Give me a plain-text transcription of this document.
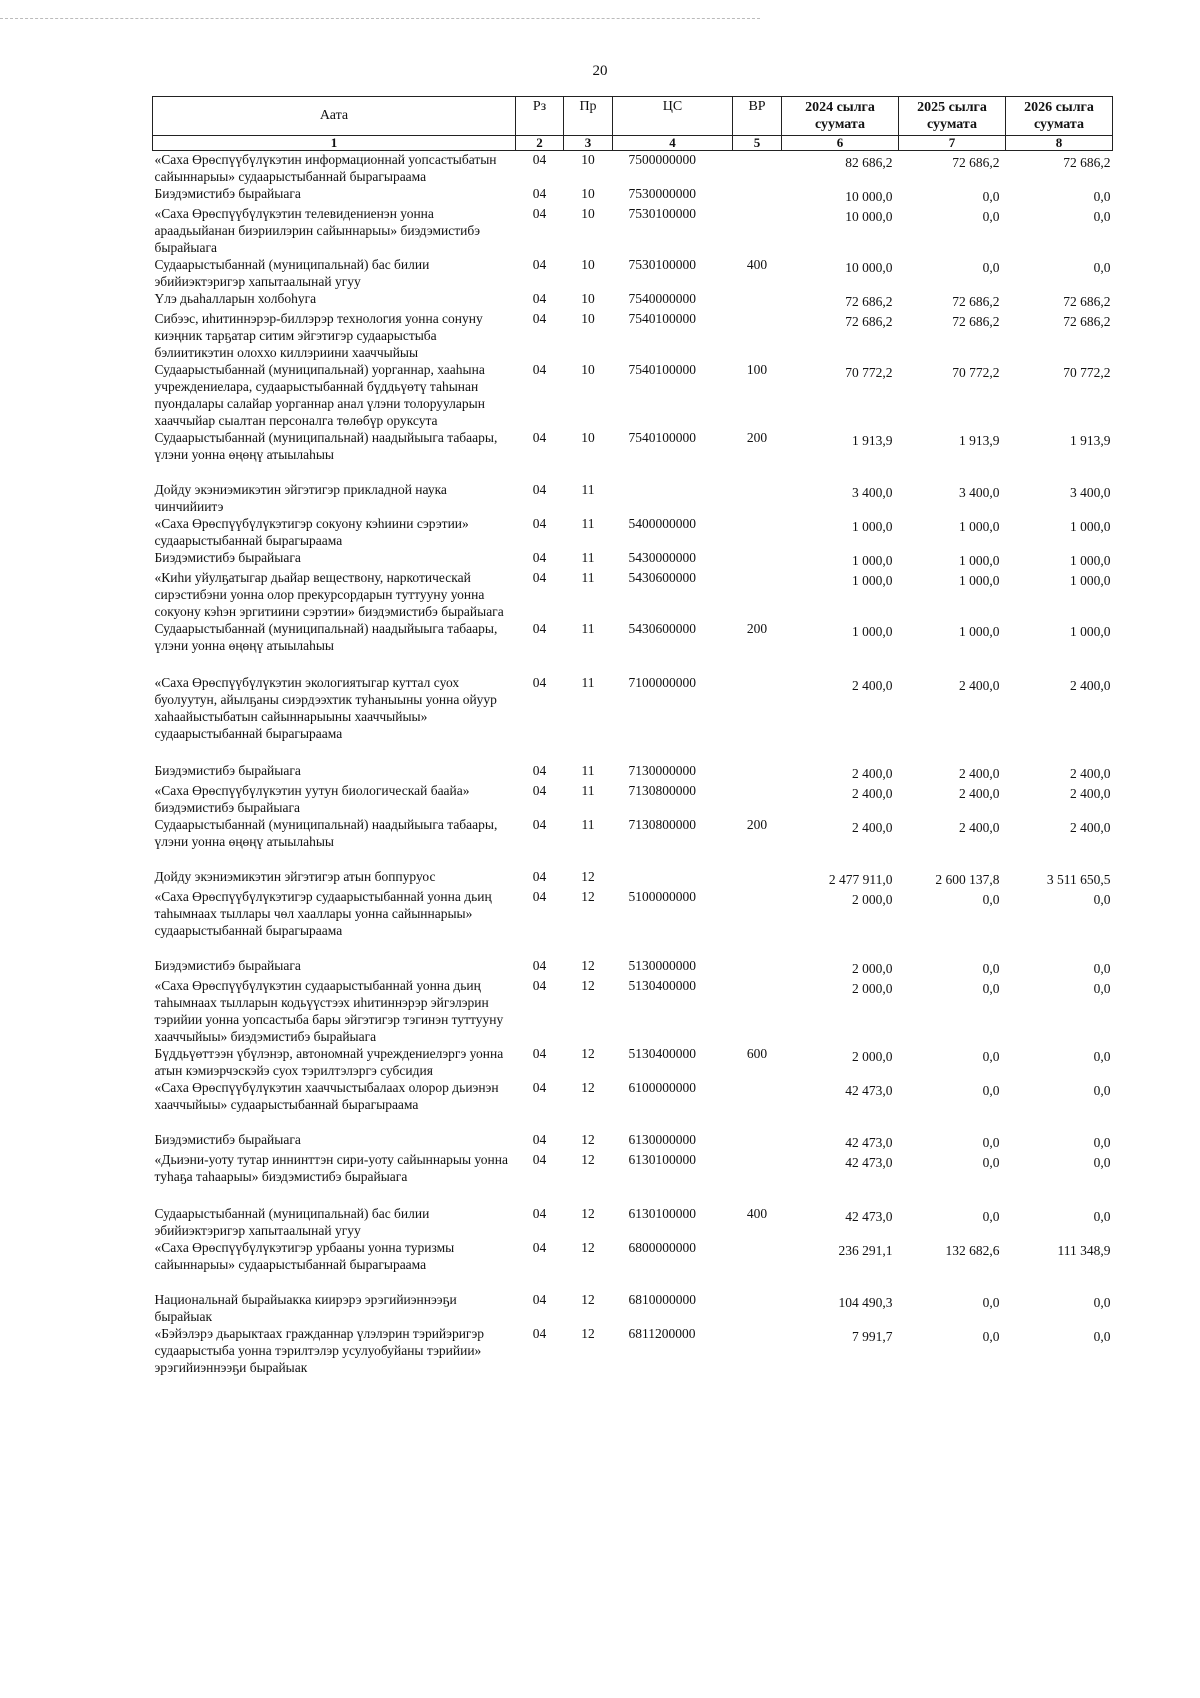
20
Аата	Рз	Пр	ЦС	ВР	2024 сылга суумата	2025 сылга суумата	2026 сылга суумата
1	2	3	4	5	6	7	8
«Саха Өрөспүүбүлүкэтин информационнай уопсастыбатын сайыннарыы» судаарыстыбаннай бырагыраама	04	10	7500000000		82 686,2	72 686,2	72 686,2
Биэдэмистибэ бырайыага	04	10	7530000000		10 000,0	0,0	0,0
«Саха Өрөспүүбүлүкэтин телевидениенэн уонна араадьыйанан биэриилэрин сайыннарыы» биэдэмистибэ бырайыага	04	10	7530100000		10 000,0	0,0	0,0
Судаарыстыбаннай (муниципальнай) бас билии эбийиэктэригэр хапытаалынай угуу	04	10	7530100000	400	10 000,0	0,0	0,0
Үлэ дьаһалларын холбоһуга	04	10	7540000000		72 686,2	72 686,2	72 686,2
Сибээс, иһитиннэрэр-биллэрэр технология уонна сонуну киэңник тарҕатар ситим эйгэтигэр судаарыстыба бэлиитикэтин олоххо киллэриини хааччыйыы	04	10	7540100000		72 686,2	72 686,2	72 686,2
Судаарыстыбаннай (муниципальнай) уорганнар, хааһына учреждениелара, судаарыстыбаннай бүддьүөтү таһынан пуондалары салайар уорганнар анал үлэни толорууларын хааччыйар сыалтан персоналга төлөбүр оруксута	04	10	7540100000	100	70 772,2	70 772,2	70 772,2
Судаарыстыбаннай (муниципальнай) наадыйыыга табаары, үлэни уонна өңөңү атыылаһыы	04	10	7540100000	200	1 913,9	1 913,9	1 913,9
Дойду экэниэмикэтин эйгэтигэр прикладной наука чинчийиитэ	04	11			3 400,0	3 400,0	3 400,0
«Саха Өрөспүүбүлүкэтигэр сокуону кэһиини сэрэтии» судаарыстыбаннай бырагыраама	04	11	5400000000		1 000,0	1 000,0	1 000,0
Биэдэмистибэ бырайыага	04	11	5430000000		1 000,0	1 000,0	1 000,0
«Киһи уйулҕатыгар дьайар веществону, наркотическай сирэстибэни уонна олор прекурсордарын туттууну уонна сокуону кэһэн эргитиини сэрэтии» биэдэмистибэ бырайыага	04	11	5430600000		1 000,0	1 000,0	1 000,0
Судаарыстыбаннай (муниципальнай) наадыйыыга табаары, үлэни уонна өңөңү атыылаһыы	04	11	5430600000	200	1 000,0	1 000,0	1 000,0
«Саха Өрөспүүбүлүкэтин экологиятыгар куттал суох буолуутун, айылҕаны сиэрдээхтик туһаныыны уонна ойуур хаһаайыстыбатын сайыннарыыны хааччыйыы» судаарыстыбаннай бырагыраама	04	11	7100000000		2 400,0	2 400,0	2 400,0
Биэдэмистибэ бырайыага	04	11	7130000000		2 400,0	2 400,0	2 400,0
«Саха Өрөспүүбүлүкэтин уутун биологическай баайа» биэдэмистибэ бырайыага	04	11	7130800000		2 400,0	2 400,0	2 400,0
Судаарыстыбаннай (муниципальнай) наадыйыыга табаары, үлэни уонна өңөңү атыылаһыы	04	11	7130800000	200	2 400,0	2 400,0	2 400,0
Дойду экэниэмикэтин эйгэтигэр атын боппуруос	04	12			2 477 911,0	2 600 137,8	3 511 650,5
«Саха Өрөспүүбүлүкэтигэр судаарыстыбаннай уонна дьиң таһымнаах тыллары чөл хааллары уонна сайыннарыы» судаарыстыбаннай бырагыраама	04	12	5100000000		2 000,0	0,0	0,0
Биэдэмистибэ бырайыага	04	12	5130000000		2 000,0	0,0	0,0
«Саха Өрөспүүбүлүкэтин судаарыстыбаннай уонна дьиң таһымнаах тылларын кодьүүстээх иһитиннэрэр эйгэлэрин тэрийии уонна уопсастыба бары эйгэтигэр тэгинэн туттууну хааччыйыы» биэдэмистибэ бырайыага	04	12	5130400000		2 000,0	0,0	0,0
Бүддьүөттээн үбүлэнэр, автономнай учреждениелэргэ уонна атын кэмиэрчэскэйэ суох тэрилтэлэргэ субсидия	04	12	5130400000	600	2 000,0	0,0	0,0
«Саха Өрөспүүбүлүкэтин хааччыстыбалаах олорор дьиэнэн хааччыйыы» судаарыстыбаннай бырагыраама	04	12	6100000000		42 473,0	0,0	0,0
Биэдэмистибэ бырайыага	04	12	6130000000		42 473,0	0,0	0,0
«Дьиэни-уоту тутар иннинттэн сири-уоту сайыннарыы уонна туһаҕа таһаарыы» биэдэмистибэ бырайыага	04	12	6130100000		42 473,0	0,0	0,0
Судаарыстыбаннай (муниципальнай) бас билии эбийиэктэригэр хапытаалынай угуу	04	12	6130100000	400	42 473,0	0,0	0,0
«Саха Өрөспүүбүлүкэтигэр урбааны уонна туризмы сайыннарыы» судаарыстыбаннай бырагыраама	04	12	6800000000		236 291,1	132 682,6	111 348,9
Национальнай бырайыакка киирэрэ эрэгийиэннээҕи бырайыак	04	12	6810000000		104 490,3	0,0	0,0
«Бэйэлэрэ дьарыктаах гражданнар үлэлэрин тэрийэригэр судаарыстыба уонна тэрилтэлэр усулуобуйаны тэрийии» эрэгийиэннээҕи бырайыак	04	12	6811200000		7 991,7	0,0	0,0
